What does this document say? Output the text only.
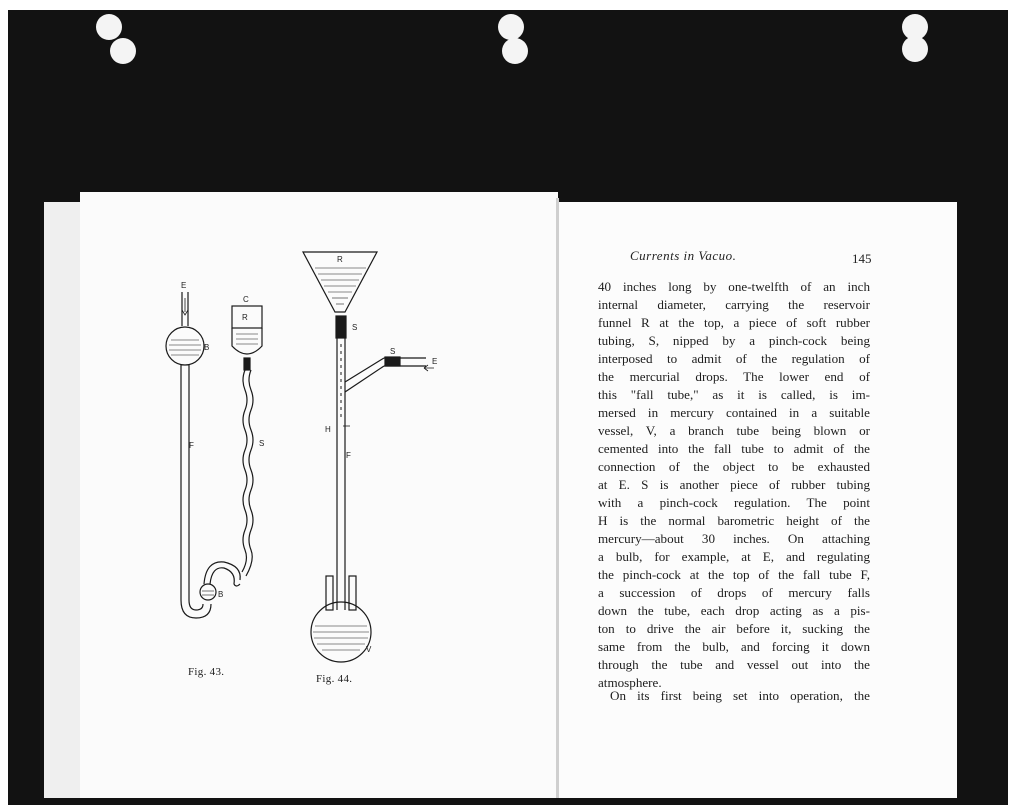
E
B
C
R
F	S
B
R
S
S
E
H
F
V
Fig. 43.
Fig. 44.
Currents in Vacuo.	145
40 inches long by one-twelfth of an inch
internal diameter, carrying the reservoir
funnel R at the top, a piece of soft rubber
tubing, S, nipped by a pinch-cock being
interposed to admit of the regulation of
the mercurial drops. The lower end of
this "fall tube," as it is called, is im-
mersed in mercury contained in a suitable
vessel, V, a branch tube being blown or
cemented into the fall tube to admit of the
connection of the object to be exhausted
at E. S is another piece of rubber tubing
with a pinch-cock regulation. The point
H is the normal barometric height of the
mercury—about 30 inches. On attaching
a bulb, for example, at E, and regulating
the pinch-cock at the top of the fall tube F,
a succession of drops of mercury falls
down the tube, each drop acting as a pis-
ton to drive the air before it, sucking the
same from the bulb, and forcing it down
through the tube and vessel out into the
atmosphere.
On its first being set into operation, the
